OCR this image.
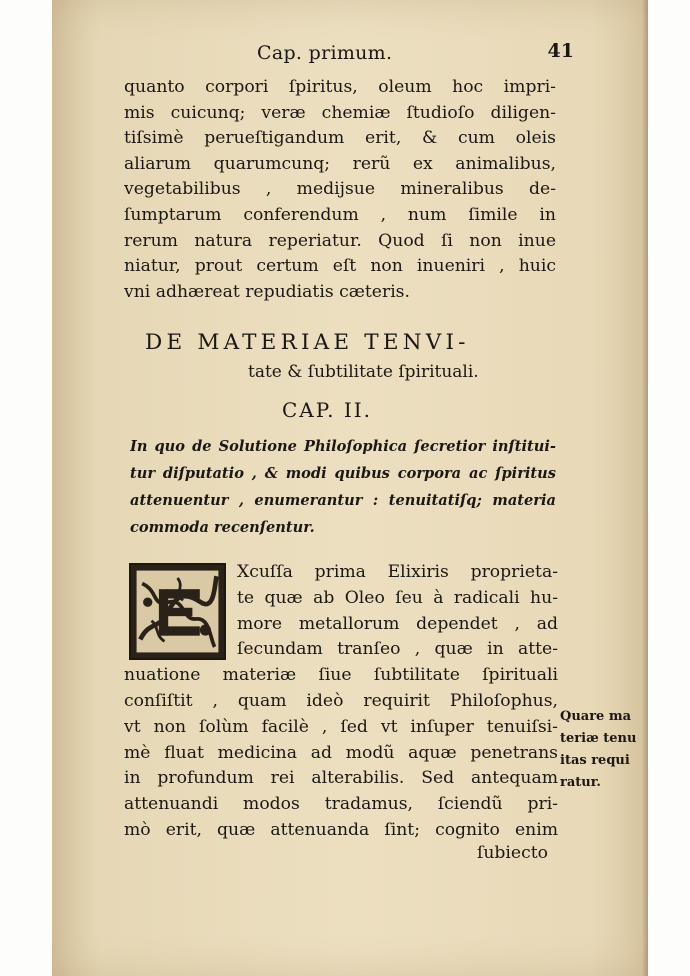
Cap. primum.	41
quanto corpori ſpiritus, oleum hoc impri-
mis cuicunq; veræ chemiæ ſtudioſo diligen-
tiſsimè perueſtigandum erit, & cum oleis
aliarum quarumcunq; rerũ ex animalibus,
vegetabilibus , medijsue mineralibus de-
ſumptarum conferendum , num ſimile in
rerum natura reperiatur. Quod ſi non inue
niatur, prout certum eſt non inueniri , huic
vni adhæreat repudiatis cæteris.
DE MATERIAE TENVI-
tate & ſubtilitate ſpirituali.
CAP. II.
In quo de Solutione Philoſophica ſecretior inſtitui-
tur diſputatio , & modi quibus corpora ac ſpiritus
attenuentur , enumerantur : tenuitatiſq; materia
commoda recenſentur.
Xcuſſa prima Elixiris proprieta-
te quæ ab Oleo ſeu à radicali hu-
more metallorum dependet , ad
ſecundam tranſeo , quæ in atte-
nuatione materiæ ſiue ſubtilitate ſpirituali
conſiſtit , quam ideò requirit Philoſophus,
vt non ſolùm facilè , ſed vt inſuper tenuiſsi-
mè fluat medicina ad modũ aquæ penetrans
in profundum rei alterabilis. Sed antequam
attenuandi modos tradamus, ſciendũ pri-
mò erit, quæ attenuanda ſint; cognito enim
Quare ma
teriæ tenu
itas requi
ratur.
ſubiecto
